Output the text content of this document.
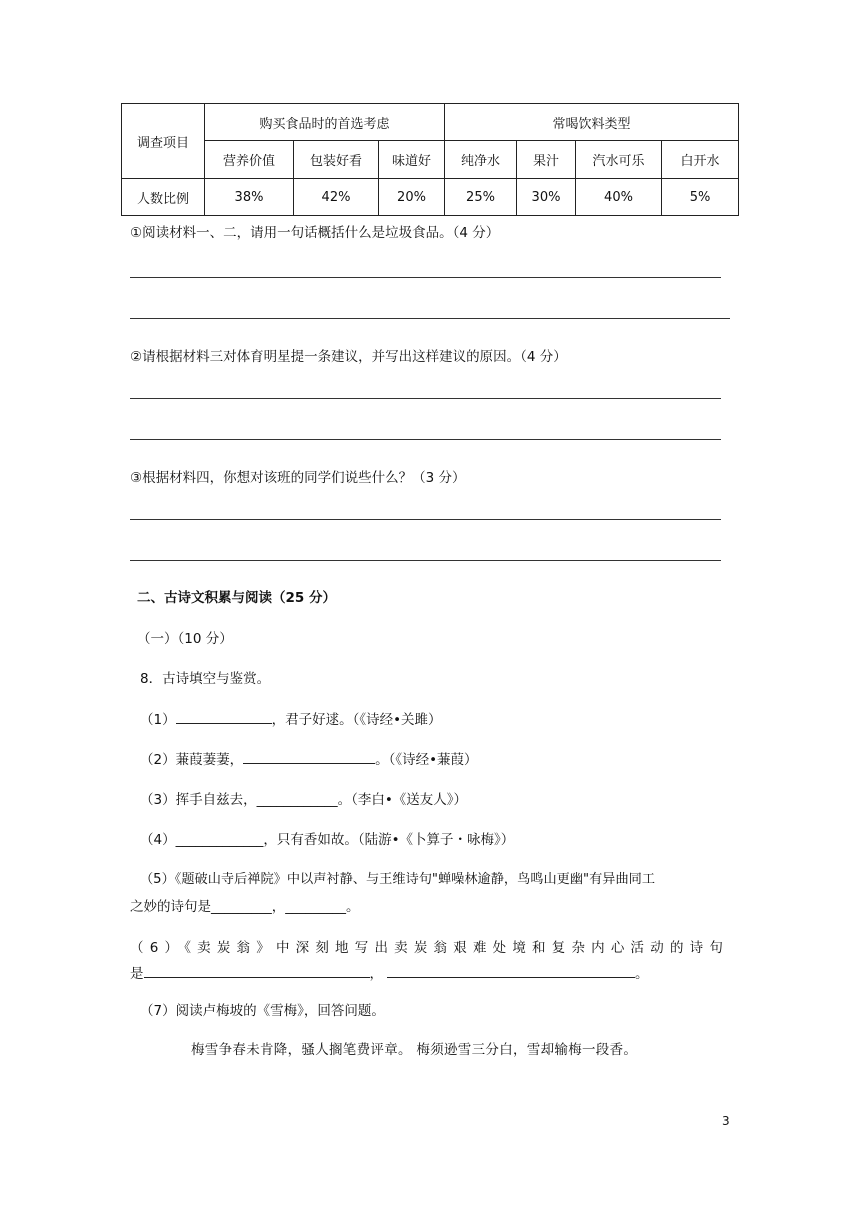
调查项目	购买食品时的首选考虑			常喝饮料类型			
	营养价值	包装好看	味道好	纯净水	果汁	汽水可乐	白开水
人数比例	38%	42%	20%	25%	30%	40%	5%
①阅读材料一、二，请用一句话概括什么是垃圾食品。（4 分）
②请根据材料三对体育明星提一条建议，并写出这样建议的原因。（4 分）
③根据材料四，你想对该班的同学们说些什么？（3 分）
二、古诗文积累与阅读（25 分）
（一）（10 分）
8．古诗填空与鉴赏。
（1）	，君子好逑。（《诗经•关雎）
（2）蒹葭萋萋，	。（《诗经•蒹葭）
（3）挥手自兹去，____________。（李白•《送友人》）
（4）_____________，只有香如故。（陆游•《卜算子・咏梅》）
（5）《题破山寺后禅院》中以声衬静、与王维诗句"蝉噪林逾静，鸟鸣山更幽"有异曲同工
之妙的诗句是_________，_________。
（6）《卖炭翁》中深刻地写出卖炭翁艰难处境和复杂内心活动的诗句
是	，	。
（7）阅读卢梅坡的《雪梅》，回答问题。
梅雪争春未肯降，骚人搁笔费评章。 梅须逊雪三分白，雪却输梅一段香。
3
